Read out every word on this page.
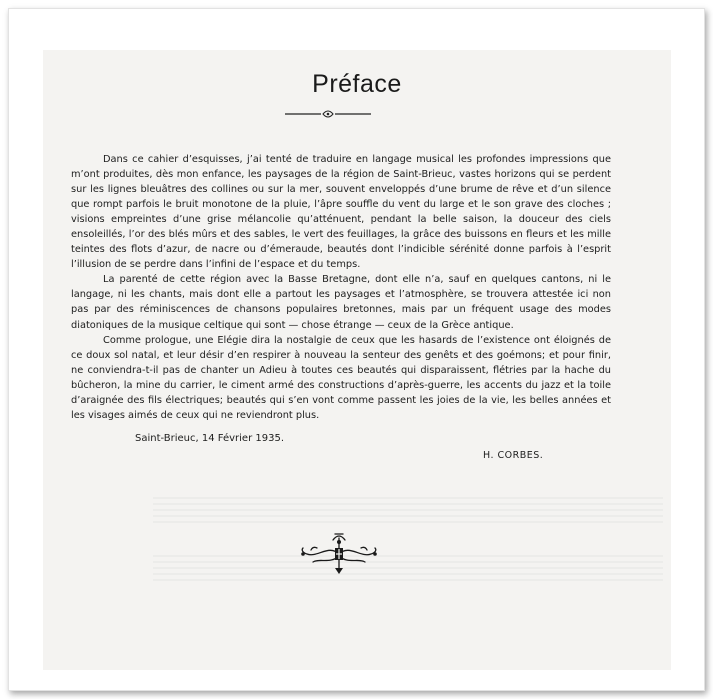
Préface

Dans ce cahier d’esquisses, j’ai tenté de traduire en langage musical les profondes impressions que m’ont produites, dès mon enfance, les paysages de la région de Saint-Brieuc, vastes horizons qui se perdent sur les lignes bleuâtres des collines ou sur la mer, souvent enveloppés d’une brume de rêve et d’un silence que rompt parfois le bruit monotone de la pluie, l’âpre souffle du vent du large et le son grave des cloches ; visions empreintes d’une grise mélancolie qu’atténuent, pendant la belle saison, la douceur des ciels ensoleillés, l’or des blés mûrs et des sables, le vert des feuillages, la grâce des buissons en fleurs et les mille teintes des flots d’azur, de nacre ou d’émeraude, beautés dont l’indicible sérénité donne parfois à l’esprit l’illusion de se perdre dans l’infini de l’espace et du temps.

La parenté de cette région avec la Basse Bretagne, dont elle n’a, sauf en quelques cantons, ni le langage, ni les chants, mais dont elle a partout les paysages et l’atmosphère, se trouvera attestée ici non pas par des réminiscences de chansons populaires bretonnes, mais par un fréquent usage des modes diatoniques de la musique celtique qui sont — chose étrange — ceux de la Grèce antique.

Comme prologue, une Elégie dira la nostalgie de ceux que les hasards de l’existence ont éloignés de ce doux sol natal, et leur désir d’en respirer à nouveau la senteur des genêts et des goémons; et pour finir, ne conviendra-t-il pas de chanter un Adieu à toutes ces beautés qui disparaissent, flétries par la hache du bûcheron, la mine du carrier, le ciment armé des constructions d’après-guerre, les accents du jazz et la toile d’araignée des fils électriques; beautés qui s’en vont comme passent les joies de la vie, les belles années et les visages aimés de ceux qui ne reviendront plus.

Saint-Brieuc, 14 Février 1935.
H. CORBES.
